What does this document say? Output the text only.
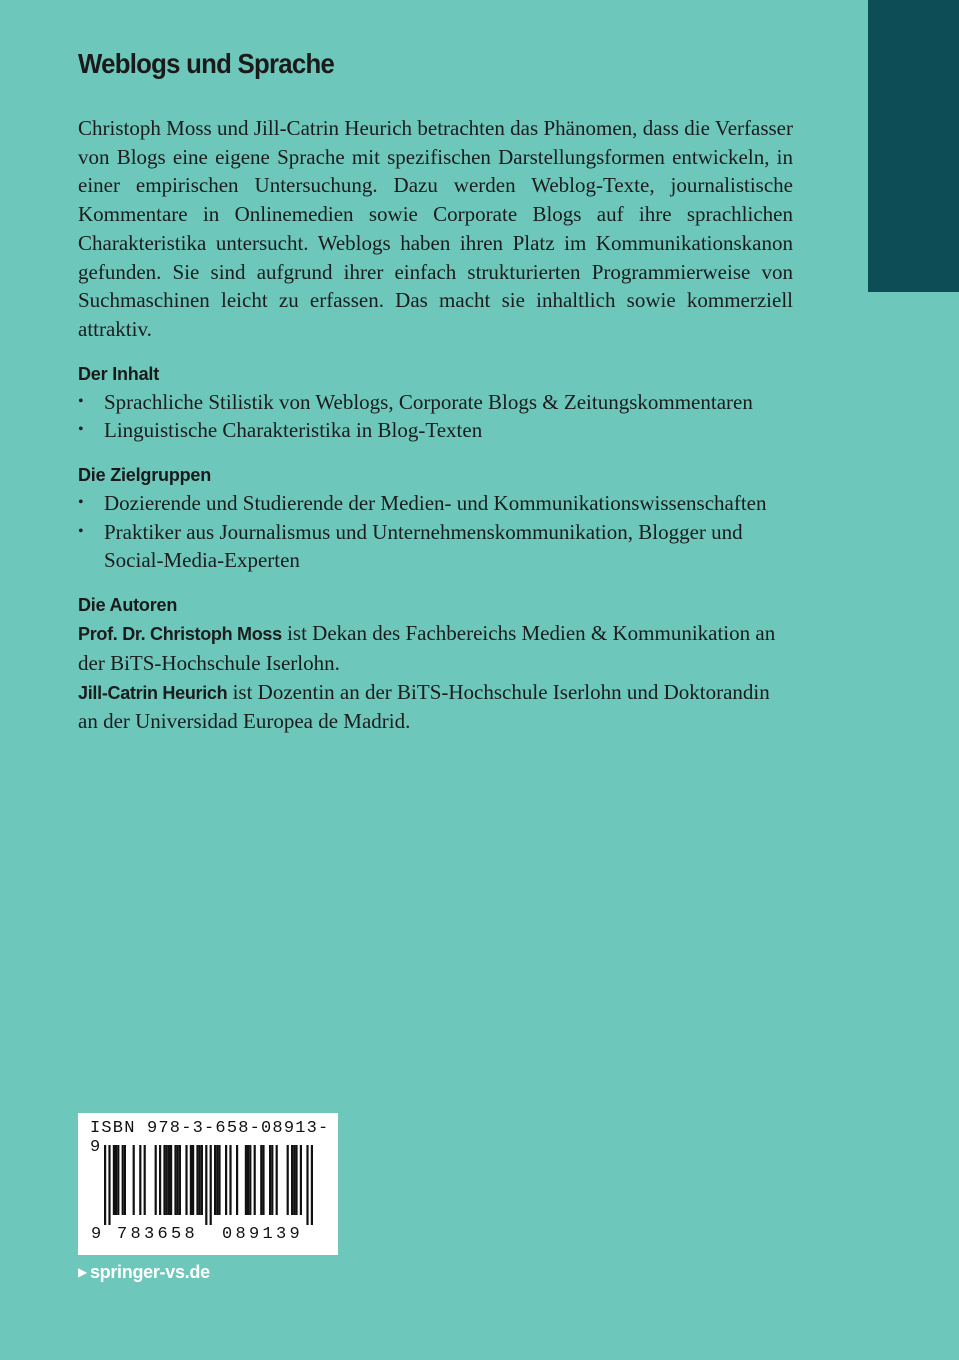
Weblogs und Sprache

Christoph Moss und Jill-Catrin Heurich betrachten das Phänomen, dass die Verfasser von Blogs eine eigene Sprache mit spezifischen Darstellungsformen entwickeln, in einer empirischen Untersuchung. Dazu werden Weblog-Texte, journalistische Kommentare in Onlinemedien sowie Corporate Blogs auf ihre sprachlichen Charakteristika untersucht. Weblogs haben ihren Platz im Kommunikationskanon gefunden. Sie sind aufgrund ihrer einfach strukturierten Programmierweise von Suchmaschinen leicht zu erfassen. Das macht sie inhaltlich sowie kommerziell attraktiv.

Der Inhalt
• Sprachliche Stilistik von Weblogs, Corporate Blogs & Zeitungskommentaren
• Linguistische Charakteristika in Blog-Texten
Die Zielgruppen
• Dozierende und Studierende der Medien- und Kommunikationswissenschaften
• Praktiker aus Journalismus und Unternehmenskommunikation, Blogger und Social-Media-Experten
Die Autoren

Prof. Dr. Christoph Moss ist Dekan des Fachbereichs Medien & Kommunikation an der BiTS-Hochschule Iserlohn.

Jill-Catrin Heurich ist Dozentin an der BiTS-Hochschule Iserlohn und Doktorandin an der Universidad Europea de Madrid.

ISBN 978-3-658-08913-9
9 783658 089139
▶ springer-vs.de
